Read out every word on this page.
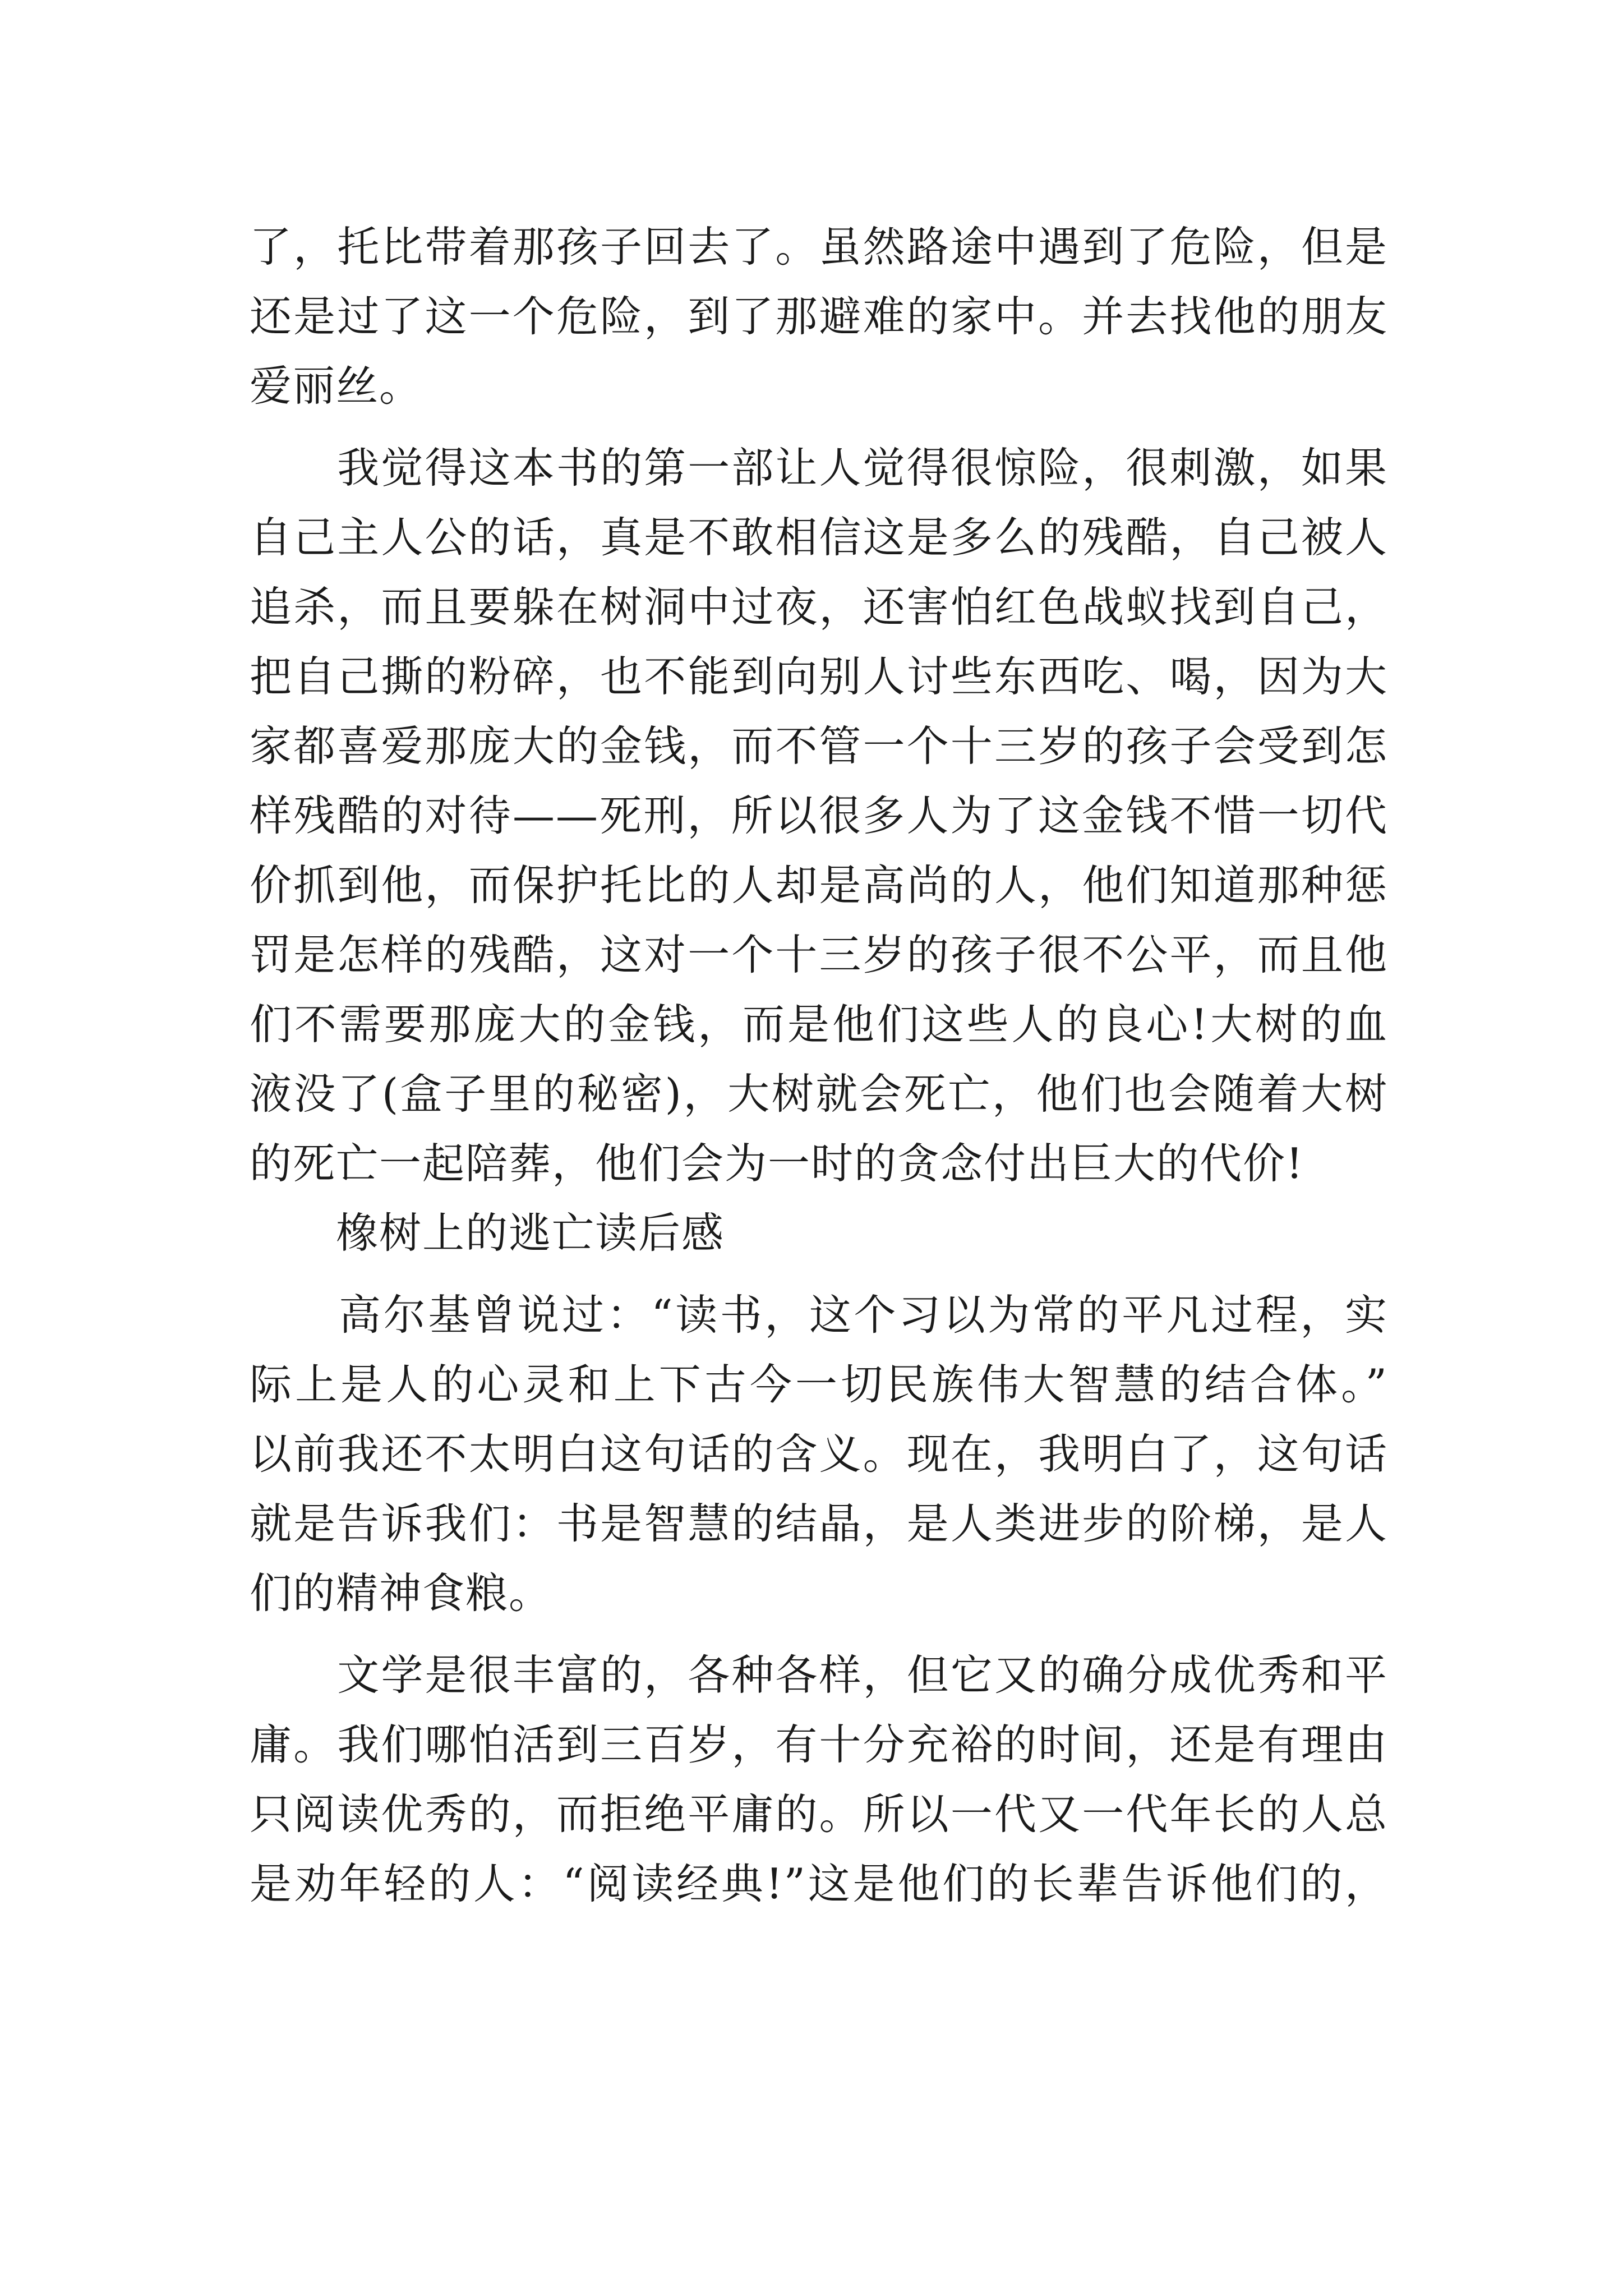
了，托比带着那孩子回去了。虽然路途中遇到了危险，但是
还是过了这一个危险，到了那避难的家中。并去找他的朋友
爱丽丝。
　　我觉得这本书的第一部让人觉得很惊险，很刺激，如果
自己主人公的话，真是不敢相信这是多么的残酷，自己被人
追杀，而且要躲在树洞中过夜，还害怕红色战蚁找到自己，
把自己撕的粉碎，也不能到向别人讨些东西吃、喝，因为大
家都喜爱那庞大的金钱，而不管一个十三岁的孩子会受到怎
样残酷的对待——死刑，所以很多人为了这金钱不惜一切代
价抓到他，而保护托比的人却是高尚的人，他们知道那种惩
罚是怎样的残酷，这对一个十三岁的孩子很不公平，而且他
们不需要那庞大的金钱，而是他们这些人的良心!大树的血
液没了(盒子里的秘密)，大树就会死亡，他们也会随着大树
的死亡一起陪葬，他们会为一时的贪念付出巨大的代价!
　　橡树上的逃亡读后感
　　高尔基曾说过：“读书，这个习以为常的平凡过程，实
际上是人的心灵和上下古今一切民族伟大智慧的结合体。”
以前我还不太明白这句话的含义。现在，我明白了，这句话
就是告诉我们：书是智慧的结晶，是人类进步的阶梯，是人
们的精神食粮。
　　文学是很丰富的，各种各样，但它又的确分成优秀和平
庸。我们哪怕活到三百岁，有十分充裕的时间，还是有理由
只阅读优秀的，而拒绝平庸的。所以一代又一代年长的人总
是劝年轻的人：“阅读经典!”这是他们的长辈告诉他们的，
